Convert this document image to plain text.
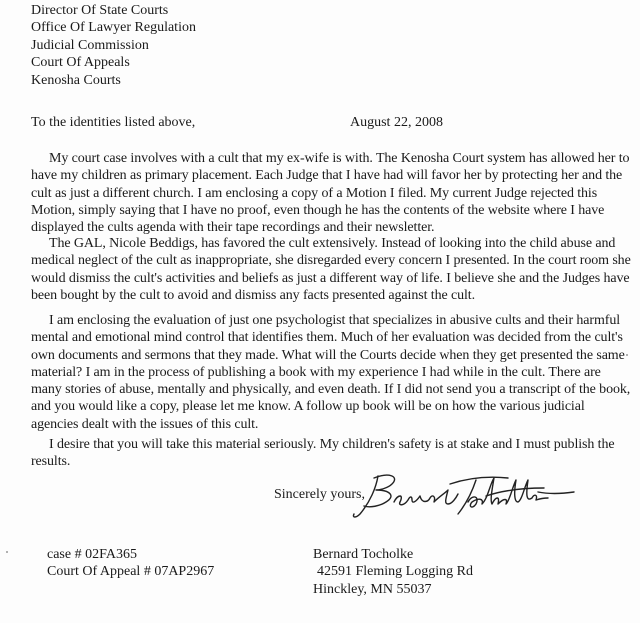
Director Of State Courts
Office Of Lawyer Regulation
Judicial Commission
Court Of Appeals
Kenosha Courts
To the identities listed above,	August 22, 2008
My court case involves with a cult that my ex-wife is with. The Kenosha Court system has allowed her to have my children as primary placement. Each Judge that I have had will favor her by protecting her and the cult as just a different church. I am enclosing a copy of a Motion I filed. My current Judge rejected this Motion, simply saying that I have no proof, even though he has the contents of the website where I have displayed the cults agenda with their tape recordings and their newsletter.
The GAL, Nicole Beddigs, has favored the cult extensively. Instead of looking into the child abuse and medical neglect of the cult as inappropriate, she disregarded every concern I presented. In the court room she would dismiss the cult's activities and beliefs as just a different way of life. I believe she and the Judges have been bought by the cult to avoid and dismiss any facts presented against the cult.
I am enclosing the evaluation of just one psychologist that specializes in abusive cults and their harmful mental and emotional mind control that identifies them. Much of her evaluation was decided from the cult's own documents and sermons that they made. What will the Courts decide when they get presented the same material? I am in the process of publishing a book with my experience I had while in the cult. There are many stories of abuse, mentally and physically, and even death. If I did not send you a transcript of the book, and you would like a copy, please let me know. A follow up book will be on how the various judicial agencies dealt with the issues of this cult.
I desire that you will take this material seriously. My children's safety is at stake and I must publish the results.
Sincerely yours,
case # 02FA365
Court Of Appeal # 07AP2967
Bernard Tocholke
42591 Fleming Logging Rd
Hinckley, MN 55037
